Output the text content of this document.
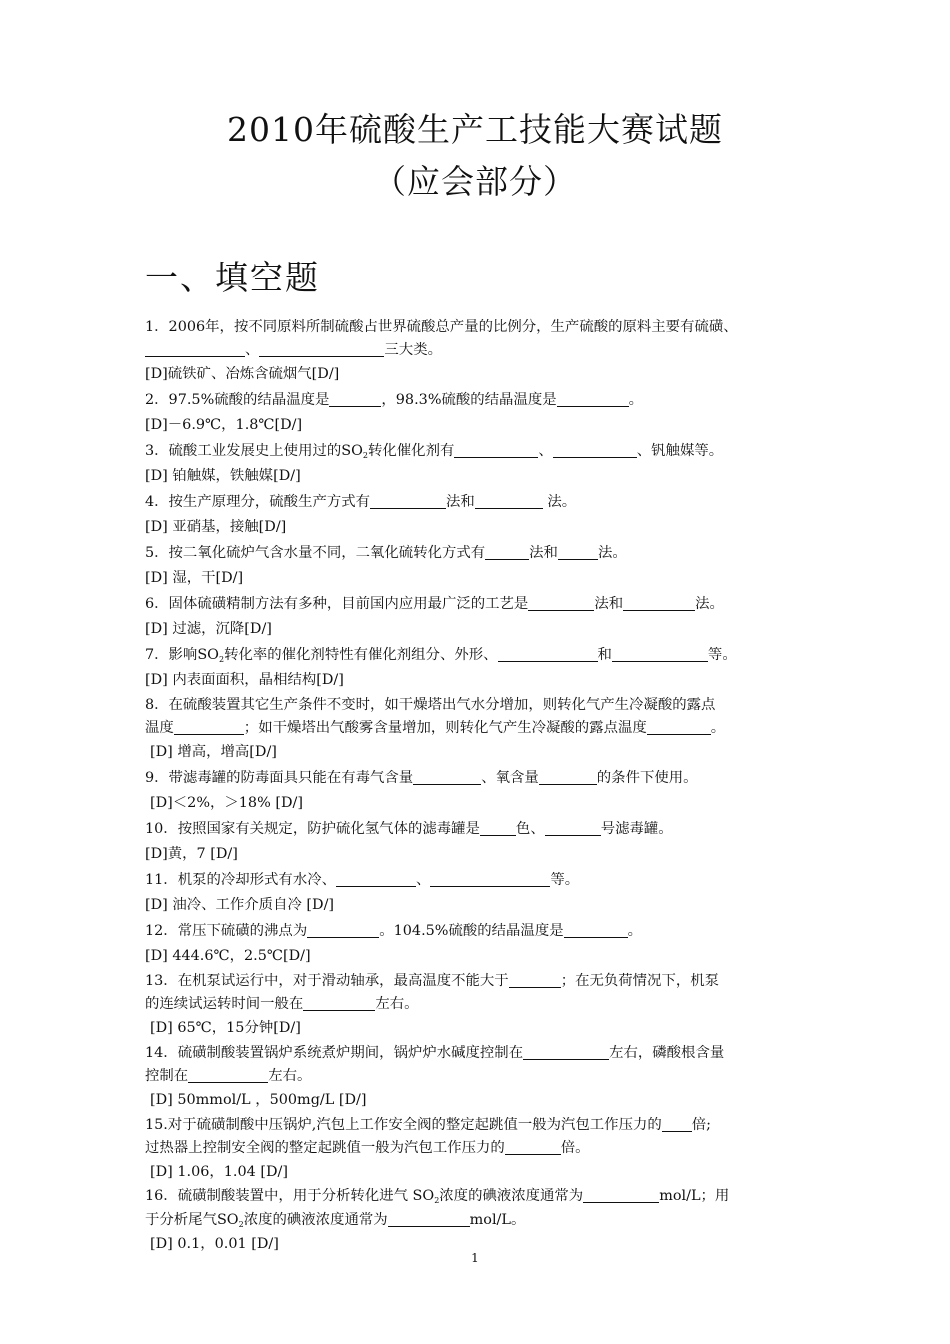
2010年硫酸生产工技能大赛试题
（应会部分）
一、填空题
1．2006年，按不同原料所制硫酸占世界硫酸总产量的比例分，生产硫酸的原料主要有硫磺、
、	三大类。
[D]硫铁矿、冶炼含硫烟气[D/]
2．97.5%硫酸的结晶温度是	，98.3%硫酸的结晶温度是	。
[D]－6.9℃，1.8℃[D/]
3．硫酸工业发展史上使用过的$SO_2$转化催化剂有	、	、钒触媒等。
[D] 铂触媒，铁触媒[D/]
4．按生产原理分，硫酸生产方式有	法和	法。
[D] 亚硝基，接触[D/]
5．按二氧化硫炉气含水量不同，二氧化硫转化方式有	法和	法。
[D] 湿，干[D/]
6．固体硫磺精制方法有多种，目前国内应用最广泛的工艺是	法和	法。
[D] 过滤，沉降[D/]
7．影响$SO_2$转化率的催化剂特性有催化剂组分、外形、	和	等。
[D] 内表面面积，晶相结构[D/]
8．在硫酸装置其它生产条件不变时，如干燥塔出气水分增加，则转化气产生冷凝酸的露点
温度	；如干燥塔出气酸雾含量增加，则转化气产生冷凝酸的露点温度	。
[D] 增高，增高[D/]
9．带滤毒罐的防毒面具只能在有毒气含量	、氧含量	的条件下使用。
[D]＜2%，＞18% [D/]
10．按照国家有关规定，防护硫化氢气体的滤毒罐是	色、	号滤毒罐。
[D]黄，7 [D/]
11．机泵的冷却形式有水冷、	、	等。
[D] 油冷、工作介质自冷 [D/]
12．常压下硫磺的沸点为	。104.5%硫酸的结晶温度是	。
[D] 444.6℃，2.5℃[D/]
13．在机泵试运行中，对于滑动轴承，最高温度不能大于	；在无负荷情况下，机泵
的连续试运转时间一般在	左右。
[D] 65℃，15分钟[D/]
14．硫磺制酸装置锅炉系统煮炉期间，锅炉炉水碱度控制在	左右，磷酸根含量
控制在	左右。
[D] 50mmol/L ，500mg/L [D/]
15.对于硫磺制酸中压锅炉,汽包上工作安全阀的整定起跳值一般为汽包工作压力的 倍;
过热器上控制安全阀的整定起跳值一般为汽包工作压力的	倍。
[D] 1.06，1.04 [D/]
16．硫磺制酸装置中，用于分析转化进气 $SO_2$浓度的碘液浓度通常为	mol/L；用
于分析尾气$SO_2$浓度的碘液浓度通常为	mol/L。
[D] 0.1，0.01 [D/]
1
